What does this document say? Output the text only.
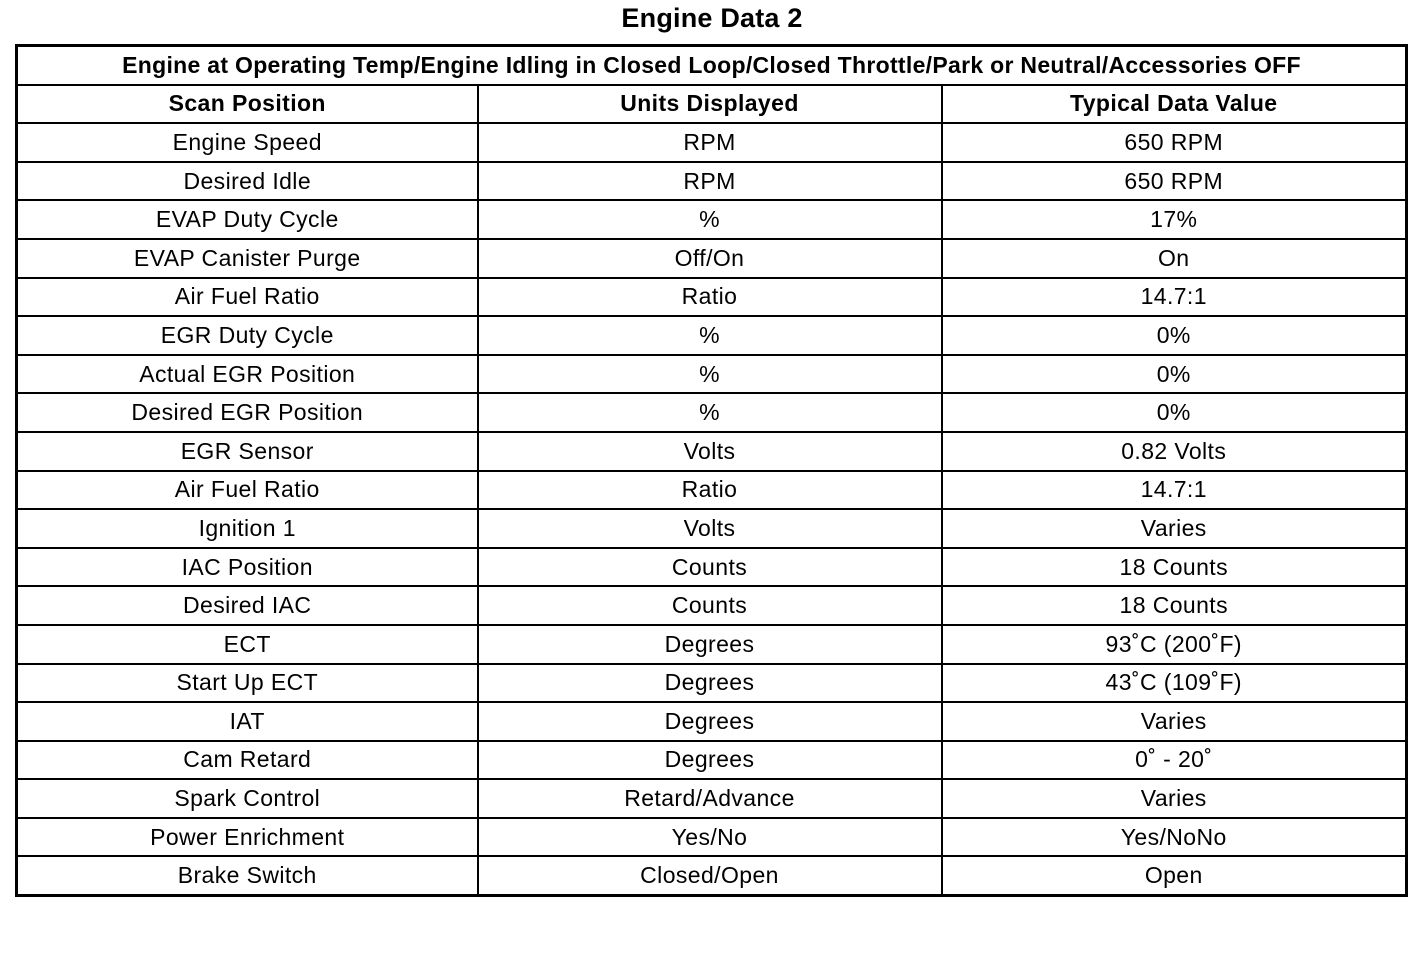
Engine Data 2
Engine at Operating Temp/Engine Idling in Closed Loop/Closed Throttle/Park or Neutral/Accessories OFF		
Scan Position	Units Displayed	Typical Data Value
Engine Speed	RPM	650 RPM
Desired Idle	RPM	650 RPM
EVAP Duty Cycle	%	17%
EVAP Canister Purge	Off/On	On
Air Fuel Ratio	Ratio	14.7:1
EGR Duty Cycle	%	0%
Actual EGR Position	%	0%
Desired EGR Position	%	0%
EGR Sensor	Volts	0.82 Volts
Air Fuel Ratio	Ratio	14.7:1
Ignition 1	Volts	Varies
IAC Position	Counts	18 Counts
Desired IAC	Counts	18 Counts
ECT	Degrees	93˚C (200˚F)
Start Up ECT	Degrees	43˚C (109˚F)
IAT	Degrees	Varies
Cam Retard	Degrees	0˚ - 20˚
Spark Control	Retard/Advance	Varies
Power Enrichment	Yes/No	Yes/NoNo
Brake Switch	Closed/Open	Open
